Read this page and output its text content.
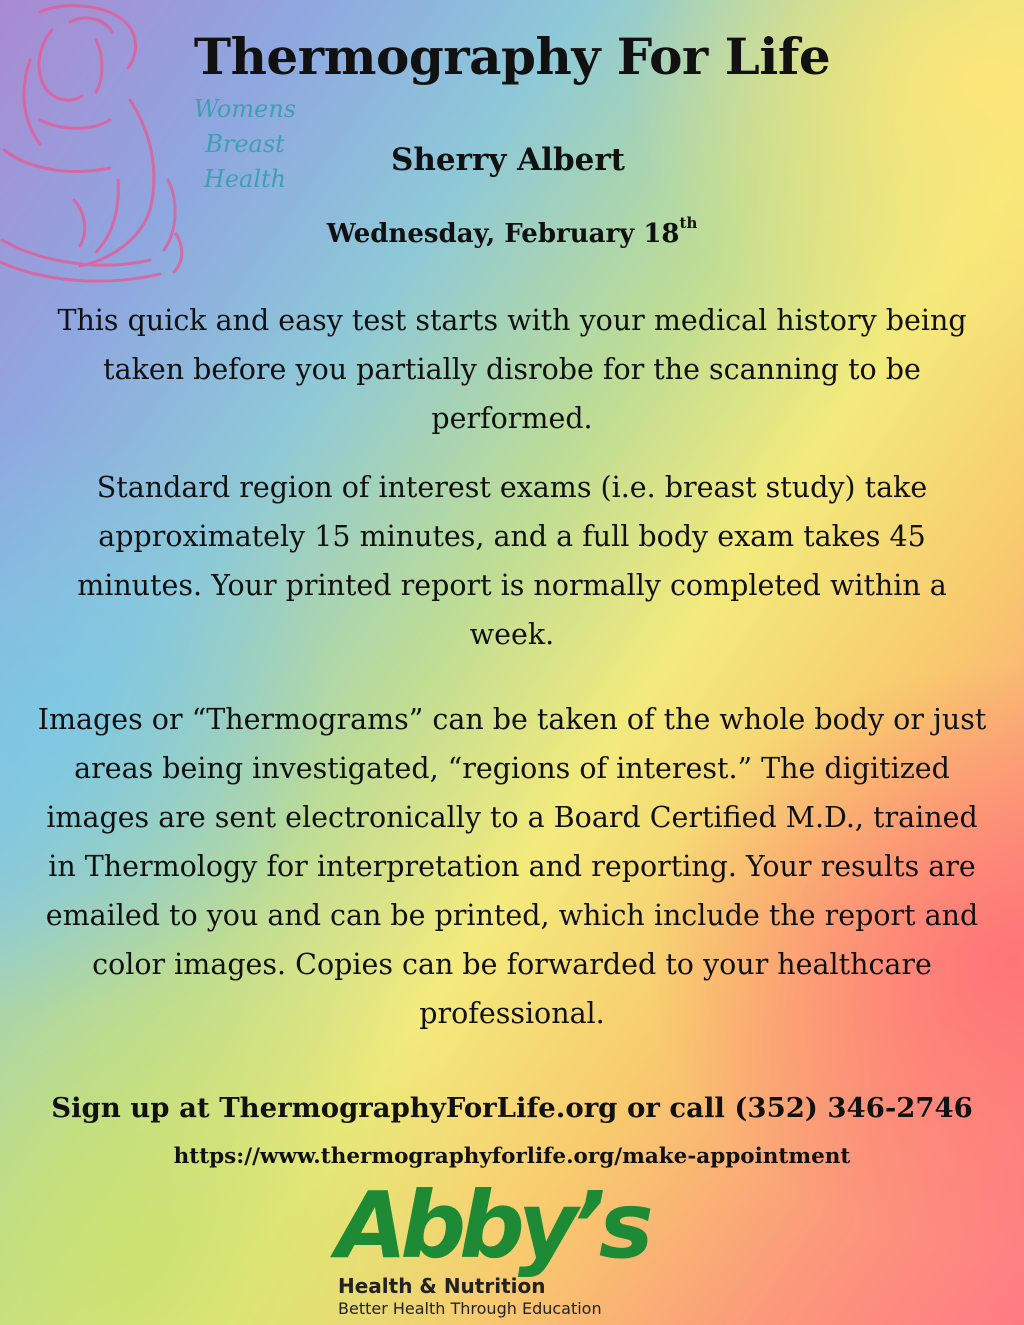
Womens
Breast
Health
Thermography For Life
Sherry Albert
Wednesday, February 18th

This quick and easy test starts with your medical history being taken before you partially disrobe for the scanning to be performed.

Standard region of interest exams (i.e. breast study) take approximately 15 minutes, and a full body exam takes 45 minutes. Your printed report is normally completed within a week.

Images or “Thermograms” can be taken of the whole body or just areas being investigated, “regions of interest.” The digitized images are sent electronically to a Board Certified M.D., trained in Thermology for interpretation and reporting. Your results are emailed to you and can be printed, which include the report and color images. Copies can be forwarded to your healthcare professional.

Sign up at ThermographyForLife.org or call (352) 346-2746
https://www.thermographyforlife.org/make-appointment
Abby’s
Health & Nutrition
Better Health Through Education
